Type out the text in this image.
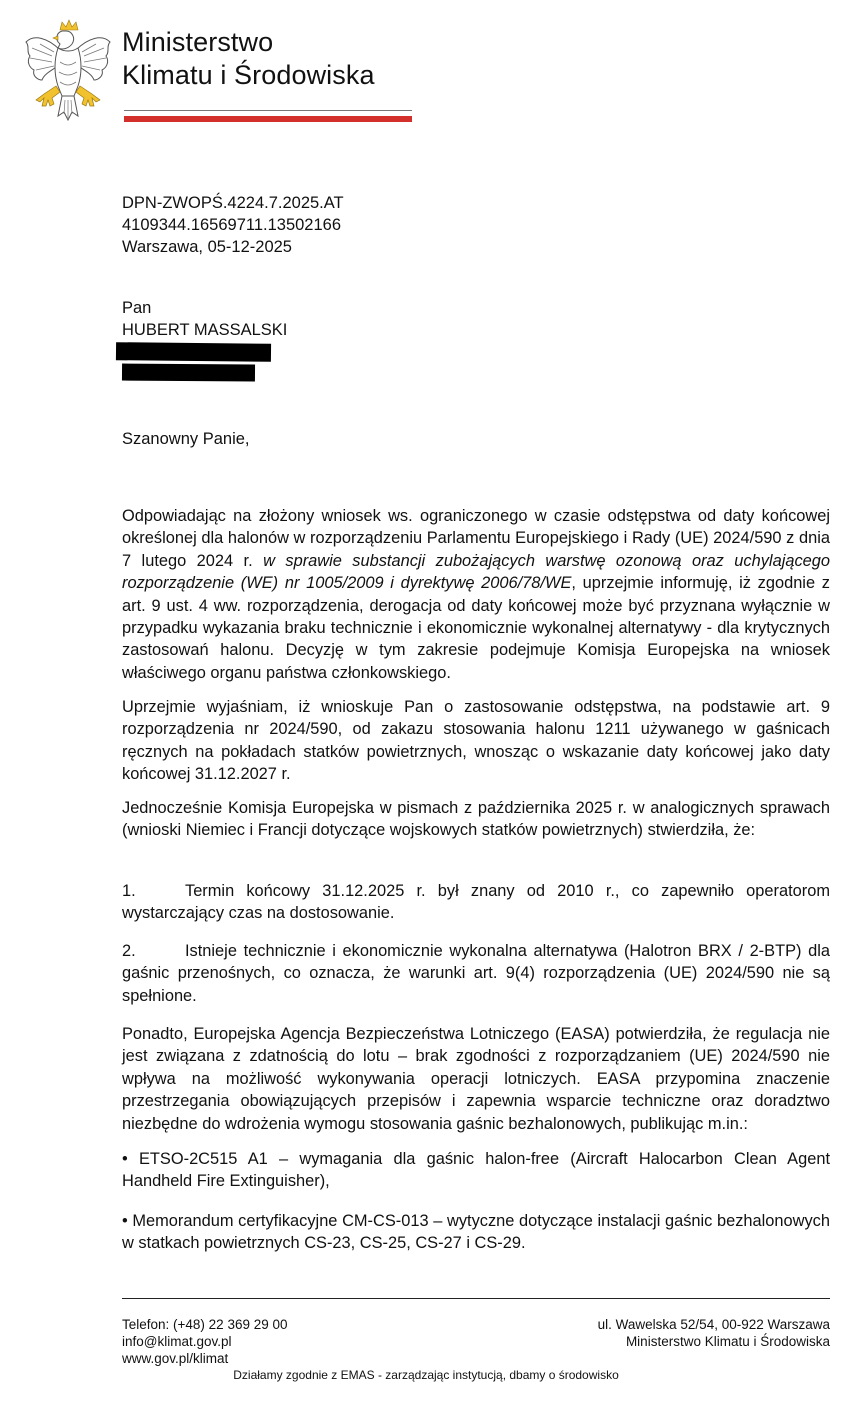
Ministerstwo
Klimatu i Środowiska
DPN-ZWOPŚ.4224.7.2025.AT
4109344.16569711.13502166
Warszawa, 05-12-2025
Pan
HUBERT MASSALSKI
Szanowny Panie,

Odpowiadając na złożony wniosek ws. ograniczonego w czasie odstępstwa od daty końcowej określonej dla halonów w rozporządzeniu Parlamentu Europejskiego i Rady (UE) 2024/590 z dnia 7 lutego 2024 r. w sprawie substancji zubożających warstwę ozonową oraz uchylającego rozporządzenie (WE) nr 1005/2009 i dyrektywę 2006/78/WE, uprzejmie informuję, iż zgodnie z art. 9 ust. 4 ww. rozporządzenia, derogacja od daty końcowej może być przyznana wyłącznie w przypadku wykazania braku technicznie i ekonomicznie wykonalnej alternatywy - dla krytycznych zastosowań halonu. Decyzję w tym zakresie podejmuje Komisja Europejska na wniosek właściwego organu państwa członkowskiego.

Uprzejmie wyjaśniam, iż wnioskuje Pan o zastosowanie odstępstwa, na podstawie art. 9 rozporządzenia nr 2024/590, od zakazu stosowania halonu 1211 używanego w gaśnicach ręcznych na pokładach statków powietrznych, wnosząc o wskazanie daty końcowej jako daty końcowej 31.12.2027 r.

Jednocześnie Komisja Europejska w pismach z października 2025 r. w analogicznych sprawach (wnioski Niemiec i Francji dotyczące wojskowych statków powietrznych) stwierdziła, że:

1.	Termin końcowy 31.12.2025 r. był znany od 2010 r., co zapewniło operatorom wystarczający czas na dostosowanie.

2.	Istnieje technicznie i ekonomicznie wykonalna alternatywa (Halotron BRX / 2-BTP) dla gaśnic przenośnych, co oznacza, że warunki art. 9(4) rozporządzenia (UE) 2024/590 nie są spełnione.

Ponadto, Europejska Agencja Bezpieczeństwa Lotniczego (EASA) potwierdziła, że regulacja nie jest związana z zdatnością do lotu – brak zgodności z rozporządzaniem (UE) 2024/590 nie wpływa na możliwość wykonywania operacji lotniczych. EASA przypomina znaczenie przestrzegania obowiązujących przepisów i zapewnia wsparcie techniczne oraz doradztwo niezbędne do wdrożenia wymogu stosowania gaśnic bezhalonowych, publikując m.in.:

• ETSO-2C515 A1 – wymagania dla gaśnic halon-free (Aircraft Halocarbon Clean Agent Handheld Fire Extinguisher),

• Memorandum certyfikacyjne CM-CS-013 – wytyczne dotyczące instalacji gaśnic bezhalonowych w statkach powietrznych CS-23, CS-25, CS-27 i CS-29.

Telefon: (+48) 22 369 29 00
info@klimat.gov.pl
www.gov.pl/klimat
ul. Wawelska 52/54, 00-922 Warszawa
Ministerstwo Klimatu i Środowiska
Działamy zgodnie z EMAS - zarządzając instytucją, dbamy o środowisko
